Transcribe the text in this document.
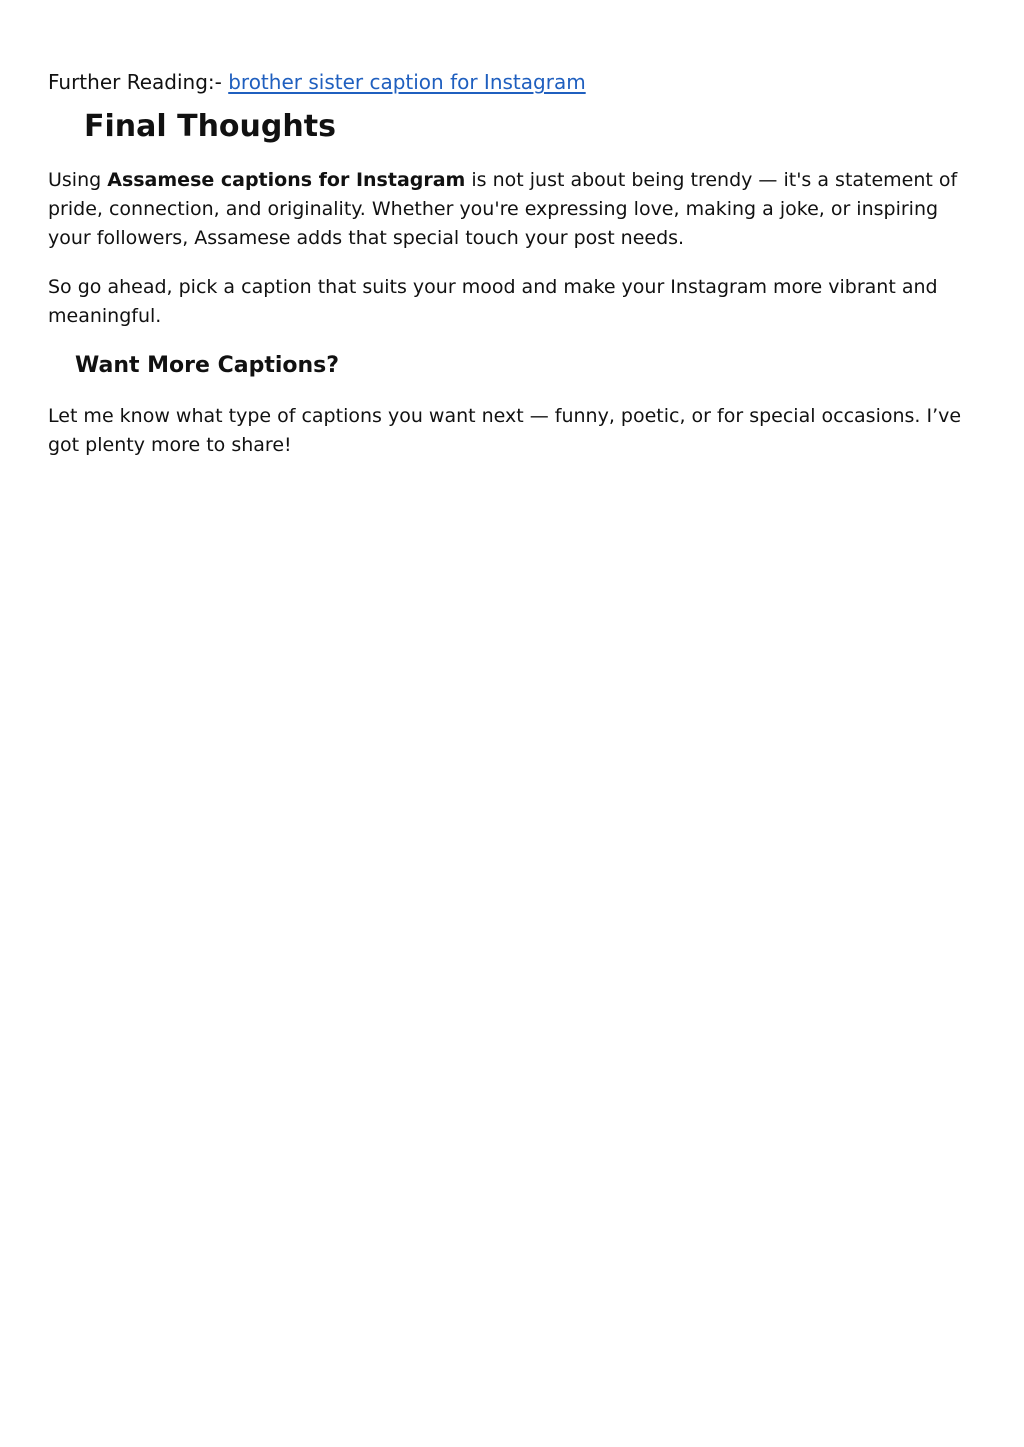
Further Reading:- brother sister caption for Instagram

Final Thoughts

Using Assamese captions for Instagram is not just about being trendy — it's a statement of pride, connection, and originality. Whether you're expressing love, making a joke, or inspiring your followers, Assamese adds that special touch your post needs.

So go ahead, pick a caption that suits your mood and make your Instagram more vibrant and meaningful.

Want More Captions?

Let me know what type of captions you want next — funny, poetic, or for special occasions. I’ve got plenty more to share!
